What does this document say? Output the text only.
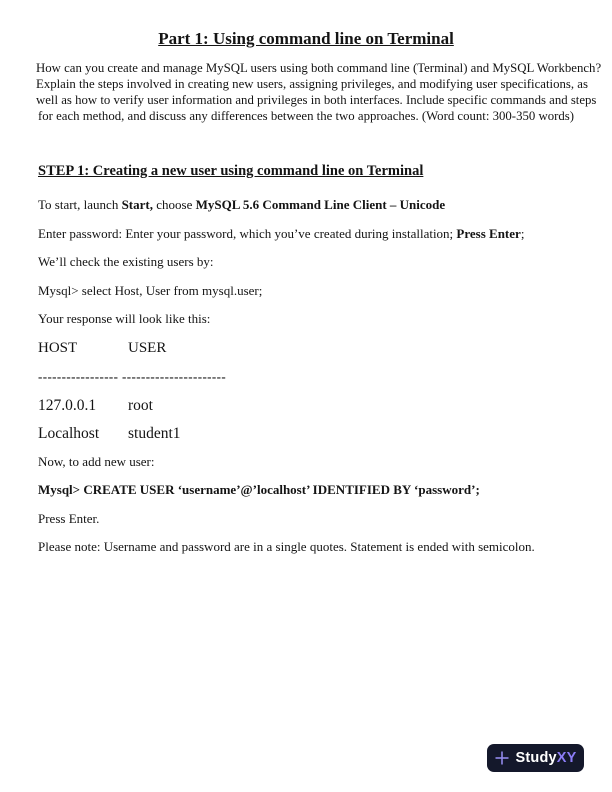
Part 1: Using command line on Terminal
How can you create and manage MySQL users using both command line (Terminal) and MySQL Workbench?
Explain the steps involved in creating new users, assigning privileges, and modifying user specifications, as
well as how to verify user information and privileges in both interfaces. Include specific commands and steps
for each method, and discuss any differences between the two approaches. (Word count: 300-350 words)
STEP 1: Creating a new user using command line on Terminal

To start, launch Start, choose MySQL 5.6 Command Line Client – Unicode

Enter password: Enter your password, which you’ve created during installation; Press Enter;

We’ll check the existing users by:

Mysql> select Host, User from mysql.user;

Your response will look like this:

HOST	USER
----------------- ----------------------
127.0.0.1	root
Localhost	student1

Now, to add new user:

Mysql> CREATE USER ‘username’@’localhost’ IDENTIFIED BY ‘password’;

Press Enter.

Please note: Username and password are in a single quotes. Statement is ended with semicolon.

StudyXY
